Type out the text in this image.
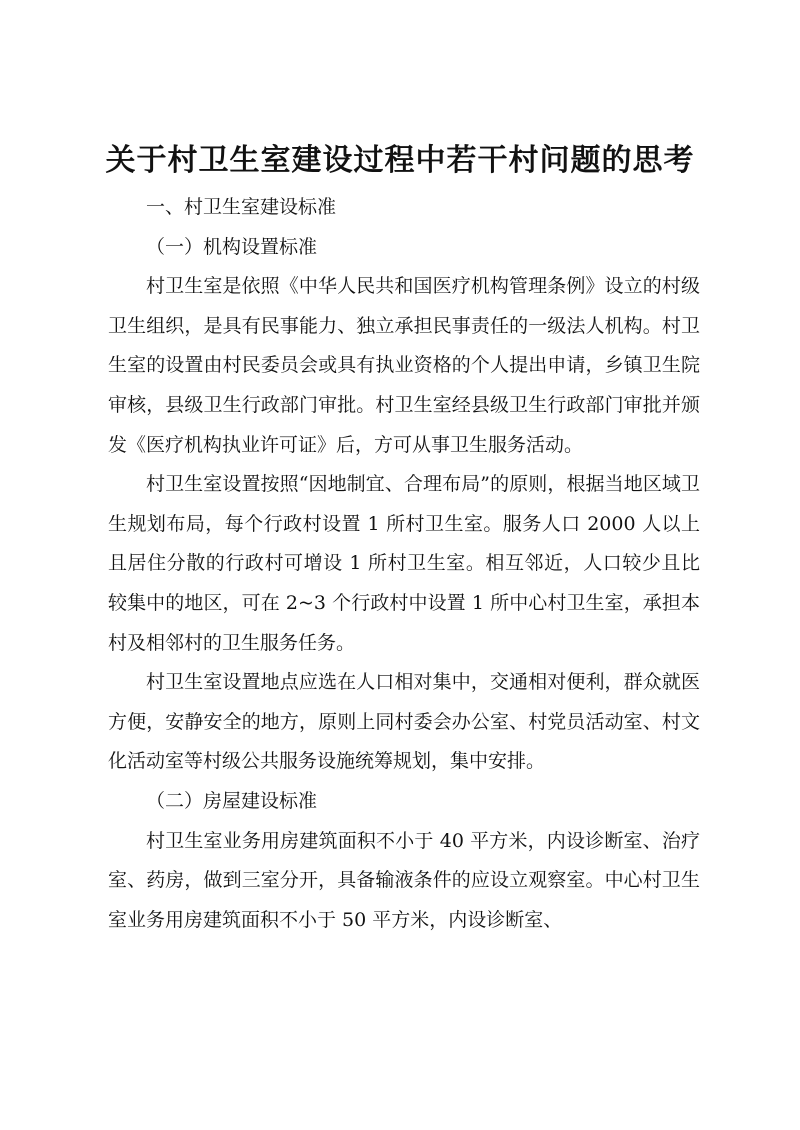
关于村卫生室建设过程中若干村问题的思考

一、村卫生室建设标准

（一）机构设置标准

村卫生室是依照《中华人民共和国医疗机构管理条例》设立的村级卫生组织，是具有民事能力、独立承担民事责任的一级法人机构。村卫生室的设置由村民委员会或具有执业资格的个人提出申请，乡镇卫生院审核，县级卫生行政部门审批。村卫生室经县级卫生行政部门审批并颁发《医疗机构执业许可证》后，方可从事卫生服务活动。

村卫生室设置按照“因地制宜、合理布局”的原则，根据当地区域卫生规划布局，每个行政村设置 1 所村卫生室。服务人口 2000 人以上且居住分散的行政村可增设 1 所村卫生室。相互邻近，人口较少且比较集中的地区，可在 2~3 个行政村中设置 1 所中心村卫生室，承担本村及相邻村的卫生服务任务。

村卫生室设置地点应选在人口相对集中，交通相对便利，群众就医方便，安静安全的地方，原则上同村委会办公室、村党员活动室、村文化活动室等村级公共服务设施统筹规划，集中安排。

（二）房屋建设标准

村卫生室业务用房建筑面积不小于 40 平方米，内设诊断室、治疗室、药房，做到三室分开，具备输液条件的应设立观察室。中心村卫生室业务用房建筑面积不小于 50 平方米，内设诊断室、
